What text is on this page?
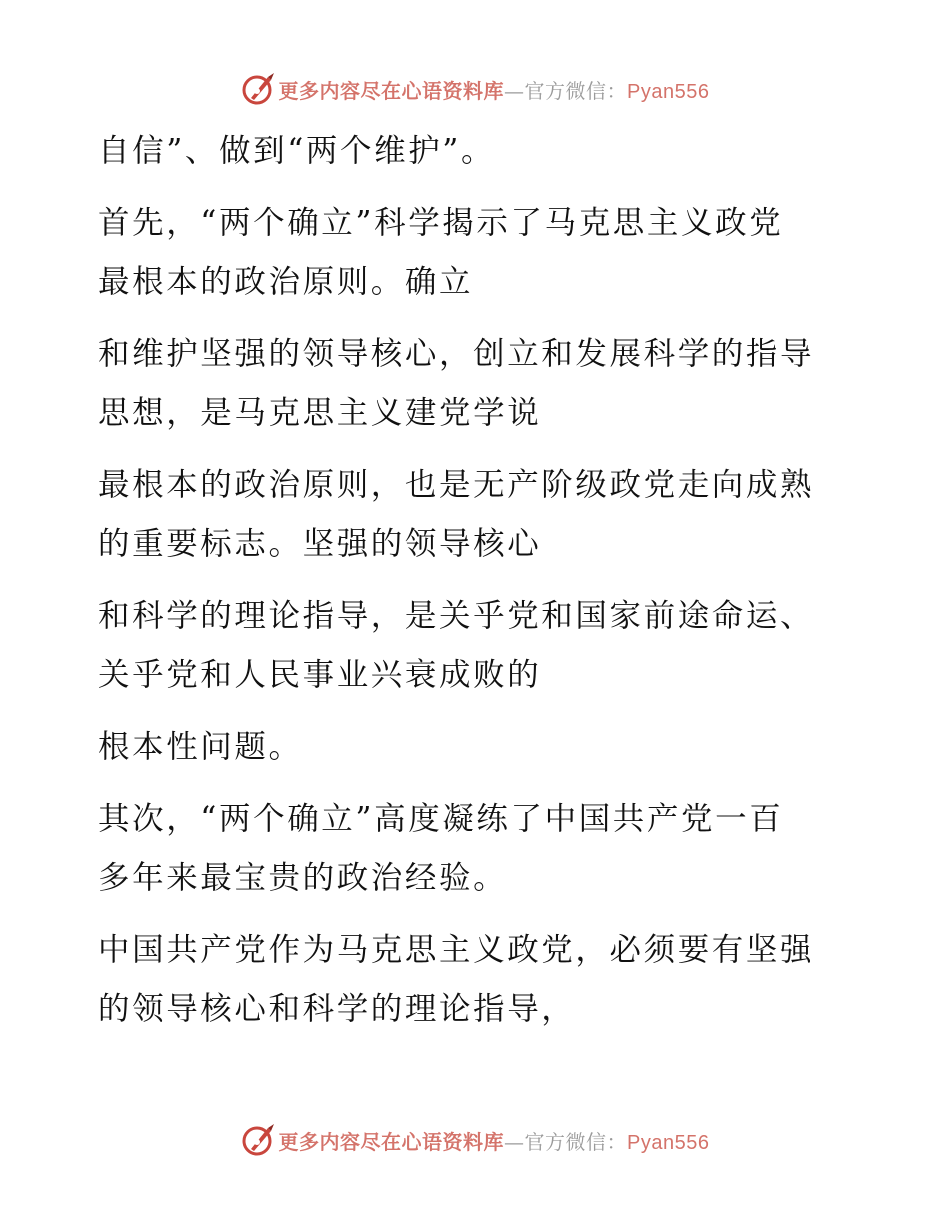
更多内容尽在心语资料库—官方微信：Pyan556

自信”、做到“两个维护”。

首先，“两个确立”科学揭示了马克思主义政党
最根本的政治原则。确立

和维护坚强的领导核心，创立和发展科学的指导
思想，是马克思主义建党学说

最根本的政治原则，也是无产阶级政党走向成熟
的重要标志。坚强的领导核心

和科学的理论指导，是关乎党和国家前途命运、
关乎党和人民事业兴衰成败的

根本性问题。

其次，“两个确立”高度凝练了中国共产党一百
多年来最宝贵的政治经验。

中国共产党作为马克思主义政党，必须要有坚强
的领导核心和科学的理论指导，

更多内容尽在心语资料库—官方微信：Pyan556
